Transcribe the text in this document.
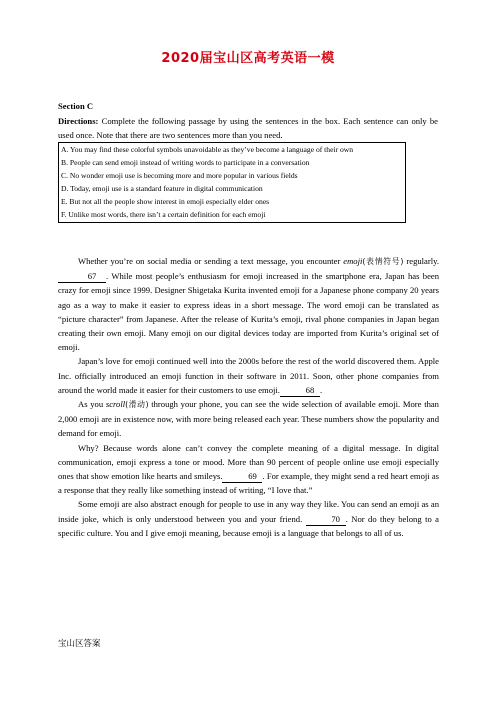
2020届宝山区高考英语一模
Section C
Directions: Complete the following passage by using the sentences in the box. Each sentence can only be used once. Note that there are two sentences more than you need.
A. You may find these colorful symbols unavoidable as they’ve become a language of their own
B. People can send emoji instead of writing words to participate in a conversation
C. No wonder emoji use is becoming more and more popular in various fields
D. Today, emoji use is a standard feature in digital communication
E. But not all the people show interest in emoji especially elder ones
F. Unlike most words, there isn’t a certain definition for each emoji

Whether you’re on social media or sending a text message, you encounter emoji(表情符号) regularly. 67 . While most people’s enthusiasm for emoji increased in the smartphone era, Japan has been crazy for emoji since 1999. Designer Shigetaka Kurita invented emoji for a Japanese phone company 20 years ago as a way to make it easier to express ideas in a short message. The word emoji can be translated as “picture character” from Japanese. After the release of Kurita’s emoji, rival phone companies in Japan began creating their own emoji. Many emoji on our digital devices today are imported from Kurita’s original set of emoji.

Japan’s love for emoji continued well into the 2000s before the rest of the world discovered them. Apple Inc. officially introduced an emoji function in their software in 2011. Soon, other phone companies from around the world made it easier for their customers to use emoji.	68 .

As you scroll(滑动) through your phone, you can see the wide selection of available emoji. More than 2,000 emoji are in existence now, with more being released each year. These numbers show the popularity and demand for emoji.

Why? Because words alone can’t convey the complete meaning of a digital message. In digital communication, emoji express a tone or mood. More than 90 percent of people online use emoji especially ones that show emotion like hearts and smileys.	69 . For example, they might send a red heart emoji as a response that they really like something instead of writing, “I love that.”

Some emoji are also abstract enough for people to use in any way they like. You can send an emoji as an inside joke, which is only understood between you and your friend.	70 . Nor do they belong to a specific culture. You and I give emoji meaning, because emoji is a language that belongs to all of us.

宝山区答案
